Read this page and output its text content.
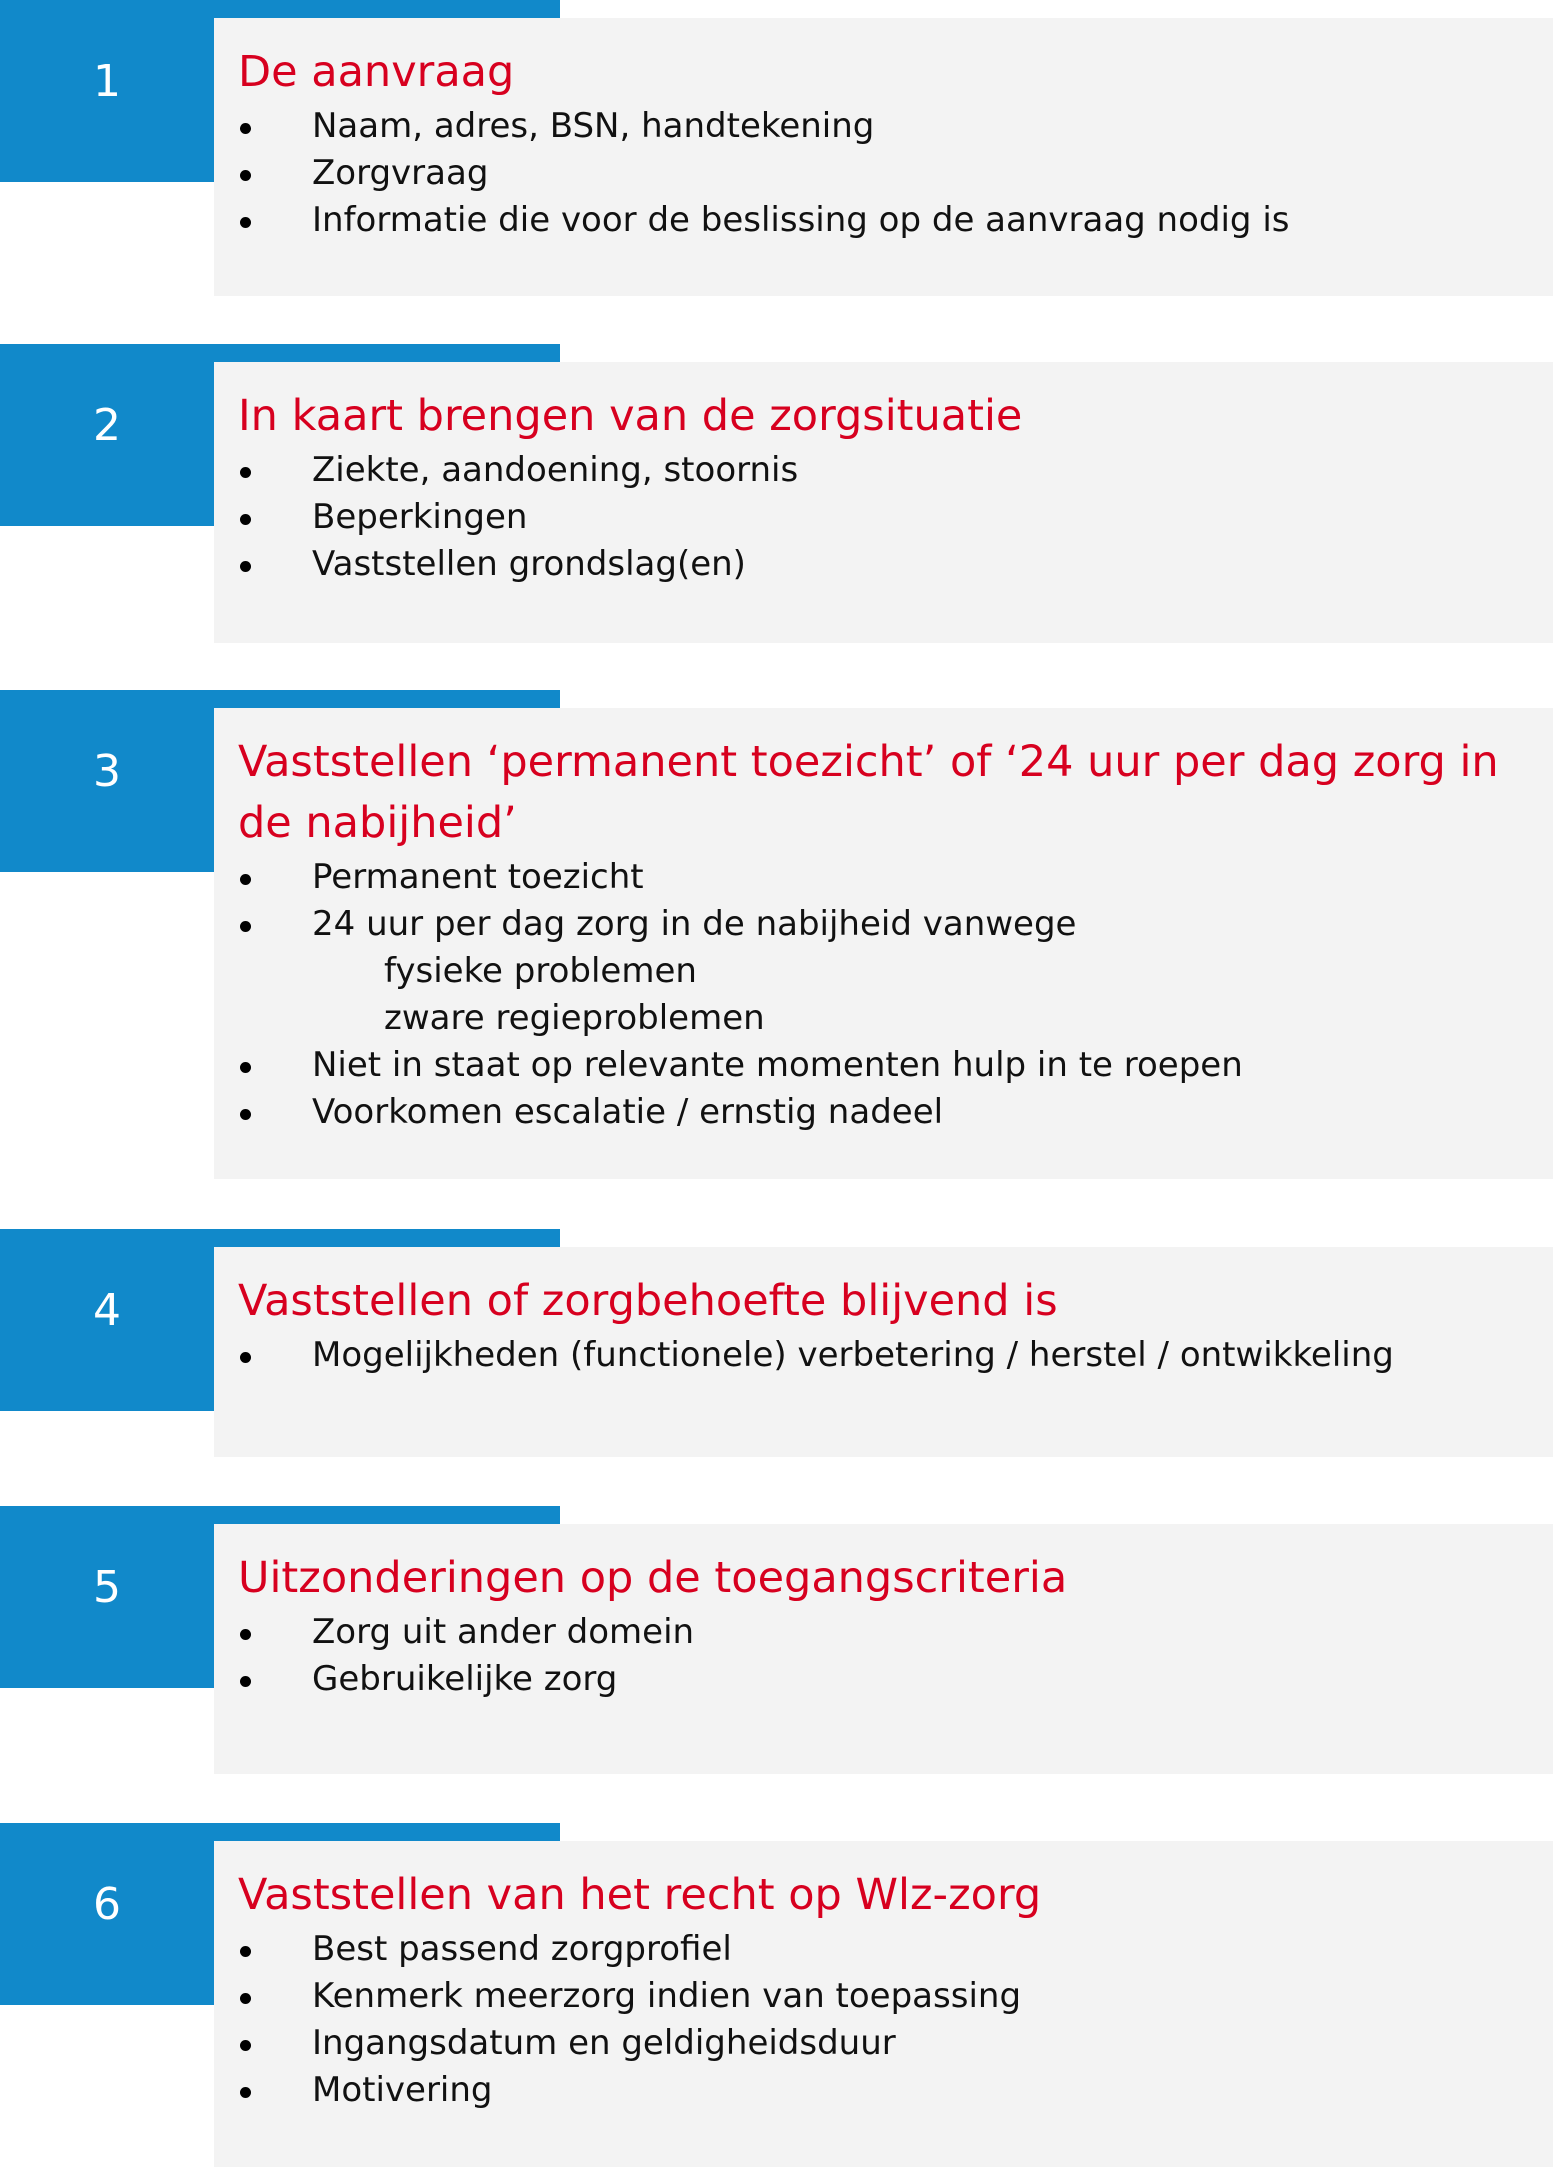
1	De aanvraag
Naam, adres, BSN, handtekening
Zorgvraag
Informatie die voor de beslissing op de aanvraag nodig is
2	In kaart brengen van de zorgsituatie
Ziekte, aandoening, stoornis
Beperkingen
Vaststellen grondslag(en)
3	Vaststellen ‘permanent toezicht’ of ‘24 uur per dag zorg in de nabijheid’
Permanent toezicht
24 uur per dag zorg in de nabijheid vanwege
fysieke problemen
zware regieproblemen
Niet in staat op relevante momenten hulp in te roepen
Voorkomen escalatie / ernstig nadeel
4	Vaststellen of zorgbehoefte blijvend is
Mogelijkheden (functionele) verbetering / herstel / ontwikkeling
5	Uitzonderingen op de toegangscriteria
Zorg uit ander domein
Gebruikelijke zorg
6	Vaststellen van het recht op Wlz-zorg
Best passend zorgprofiel
Kenmerk meerzorg indien van toepassing
Ingangsdatum en geldigheidsduur
Motivering
